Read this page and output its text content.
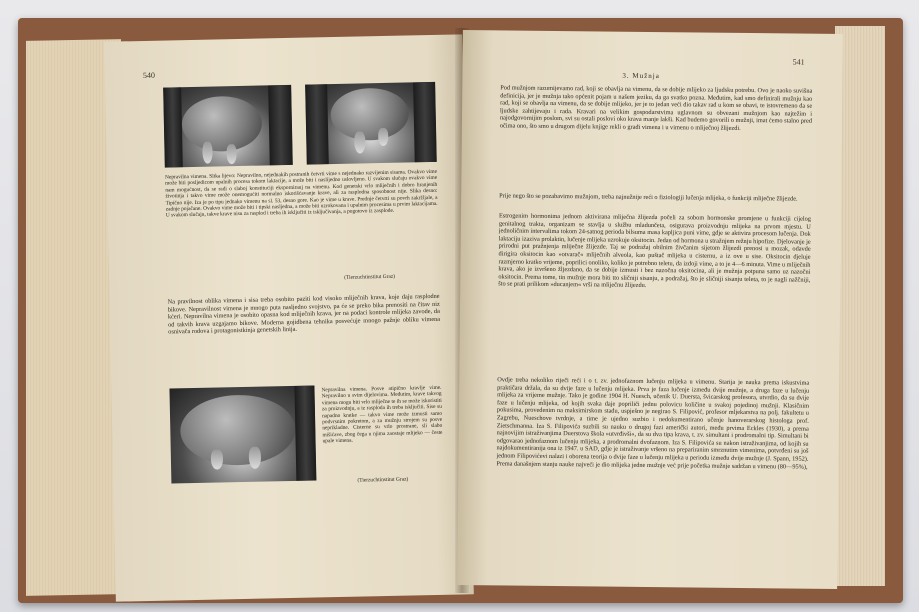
540
Nepravilna vimena. Slika lijevo: Nepravilno, nejednakih postranih četvrti vime s nejednako razvijenim sisama. Ovakvo vime može biti posljedicom upalnih procesa tokom laktacije, a može biti i naslijedno uslovljeno. U svakom slučaju ovakvo vime nam mogućnost, da se radi o slaboj konstituciji ekspornirauj na vimenu. Kod genetski vrlo mliječnih i dobro hranjenih životinja i takvo vime može onemogućiti normalno iskorišćavanje krave, ali za rasplodna sposobnost nije. Slika desno: Tipično nije. Iza je po tipu jednako vimenu na sl. 53, desno gore. Kao je vime u krave. Prednje četvrti su povrh zakržljale, a zadnje pojačane. Ovakvo vime može biti i tipski nasljedna, a može biti uzrokovana i upalnim procesima u prvim laktacijama. U svakom slučaju, takve krave nisu za rasplod i treba ih isključiti iz isključivanja, a pogotovo iz zasplode.
(Tierzuchtinstitut Graz)
Na pravilnost oblika vimena i sisa treba osobito paziti kod visoko mliječnih krava, koje daju rasplodne bikove. Nepravilnost vimena je mnogo puta nasljedno svojstvo, pa će se preko bika prenositi na čitav niz kćeri. Nepravilna vimena je osobito opasna kod mliječnih krava, jer na podaci kontrole mlijeka zavode, da od takvih krava uzgajamo bikove. Moderna gojidbena tehnika posvećuje mnogo pažnje obliku vimena osnivača rodova i protagonistkinja genetskih linija.
Nepravilna vimena. Posve atipično kravlje vime. Nepravilno u svim dijelovima. Međutim, krave takvog vimena mogu biti vrlo mliječne te ih se može iskoristiti za proizvodnju, a iz rasploda ih treba isključiti. Sise su napadno kratke — takvo vime može izmusti samo podvrsnim pokretom, a za mužnju strojem su posve neprikladne. Cisterne su vrlo prostrane, sli slabo mišićave, zbog čega u njima zaostaje mlijeko — česte upale vimena.
(Tierzuchtinstitut Graz)
541
3. Mužnja
Pod mužnjom razumijevamo rad, koji se obavlja na vimenu, da se dobije mlijeko za ljudsku potrebu. Ovo je naoko suvišna definicija, jer je mužnja tako općenit pojam u našem jeziku, da ga svatko pozna. Međutim, kad smo definirali mužnju kao rad, koji se obavlja na vimenu, da se dobije mlijeko, jer je to jedan veći dio takav rad u kom se obavi, te istovremeno da se ljudske zahtijevaju i rada. Kravari na velikim gospodarstvima uglavnom su obvezani mužnjom kao najtežim i najodgovornijim poslom, svi su ostali poslovi oko krava manje lakši. Kad budemo govorili o mužnji, imat ćemo stalno pred očima ono, što smo u drugom dijelu knjige rekli o građi vimena i u vimenu o mliječnoj žlijezdi.
Prije nego što se pozabavimo mužnjom, treba najnužnije reći o fiziologiji lučenja mlijeka, o funkciji mliječne žlijezde.
Estrogenim hormonima jednom aktivirana mliječna žlijezda počeli za sobom hormonske promjene u funkciji cijelog genitalnog trakta, organizam se stavlja u službu mladunčeta, osigurava proizvodnju mlijeka na prvom mjestu. U jednoličnim intervalima tokom 24-satnog perioda bilsuma masa kapljica puni vime, gdje se aktivira procesom lučenja. Dok laktaciju izaziva prolaktin, lučenje mlijeka uzrokuje oksitocin. Jedan od hormona u stražnjem režnju hipofize. Djelovanje je prirodni put pražnjenja mliječne žlijezde. Taj se podražaj obilnim živčanim sijetom žlijezdi prenosi u mozak, odavde dirigira oksitocin kao »otvarač« mliječnih alveola, kao puštač mlijeka u cisternu, a iz ove u sise. Oksitocin djeluje razmjerno kratko vrijeme, poprilici onoliko, koliko je potrebno teletu, da izdoji vime, a to je 4—6 minuta. Vime u mliječnih krava, ako je izvršeno žljezdano, da se dobije izmusti i bez nazočna oksitocina, ali je mužnja potpuna samo uz nazočni oksitocin. Prema tome, tin mužnje mora biti tto sličniji sisanju, a podražaj, što je sličniji sisanju teleta, to je nagli nažčniji, što se prati prilikom »ducanjem« vrši na mliječnu žlijezdu.
Ovdje treba nekoliko riječi reći i o t. zv. jednofaznom lučenju mlijeka u vimenu. Starija je nauka prema iskustvima praktičara držala, da su dvije faze u lučenju mlijeka. Prva je faza lučenje između dvije mužnje, a druga faze u lučenju mlijeka za vrijeme mužnje. Tako je godine 1904 H. Nuesch, učenik U. Duersta, švicarskog profesora, utvrdio, da su dvije faze u lučenju mlijeka, od kojih svaka daje popriliči jednu polovicu količine u svakoj pojedinoj mužnji. Klasičnim pokusima, provedenim na maksimirskom stadu, uspješno je negirao S. Filipović, profesor mljekarstva na polj. fakultetu u Zagrebu, Nueschove tvrdnje, a time je ujedno suzbio i nedokumentirano učenje hanoverarskog histologa prof. Zietschmanna. Iza S. Filipovića suzbili su nauku o drugoj fazi američki autori, među prvima Eckles (1930), a prema najnovijim istraživanjima Duerstova škola »utvrđivši«, da su dva tipa krava, t. zv. simultani i prodromalni tip. Simultani bi odgovarao jednofaznom lučenju mlijeka, a prodromalni dvofaznom. Iza S. Filipovića su nakon istraživanjima, od kojih su najdokumentiranija ona iz 1947. u SAD, gdje je istraživanje vršeno na prepariranim smrznutim vimenima, potvrđeni su još jednom Filipovićevi nalazi i oborena teorija o dvije faze u lučenju mlijeka u periodu između dvije mužnje (J. Spann, 1952). Prema današnjem stanju nauke najveći je dio mlijeka jedne mužnje već prije početka mužnje sadržan u vimenu (80—95%),
